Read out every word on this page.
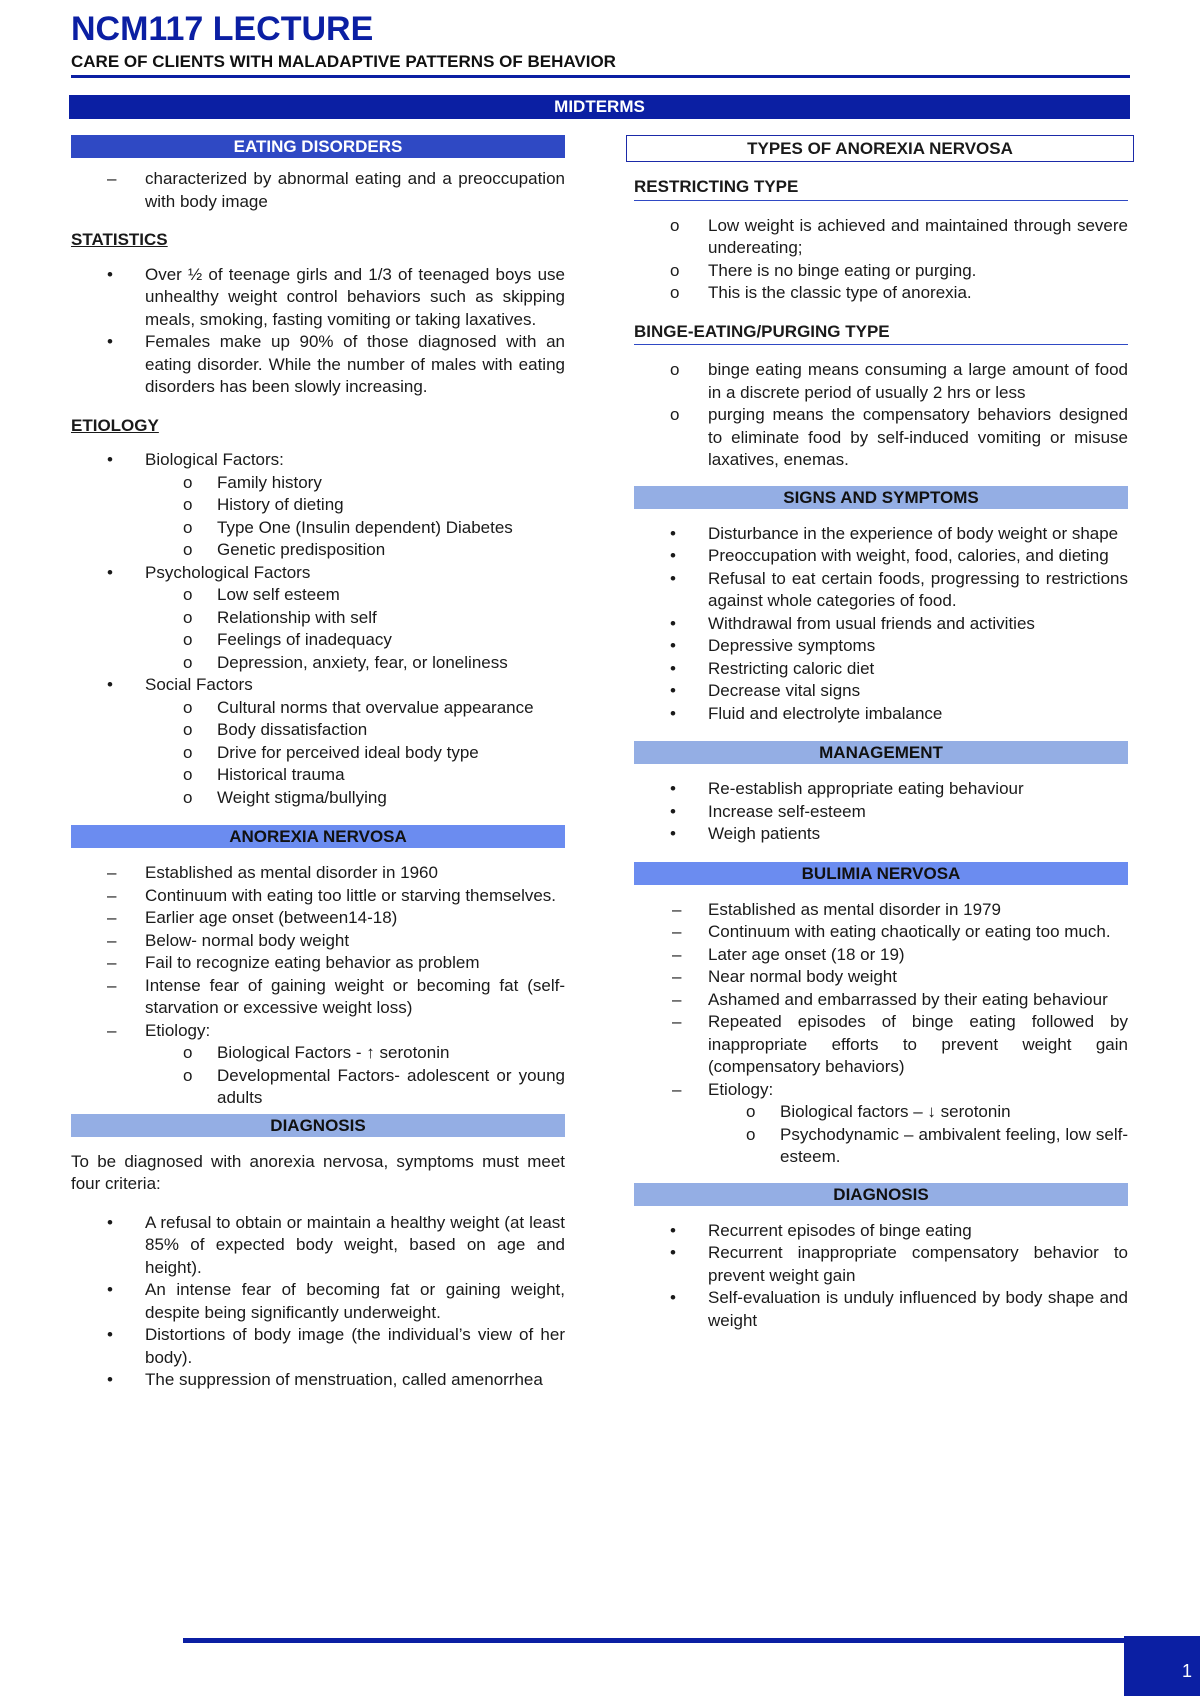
NCM117 LECTURE
CARE OF CLIENTS WITH MALADAPTIVE PATTERNS OF BEHAVIOR
MIDTERMS
EATING DISORDERS
– characterized by abnormal eating and a preoccupation with body image
STATISTICS
• Over ½ of teenage girls and 1/3 of teenaged boys use unhealthy weight control behaviors such as skipping meals, smoking, fasting vomiting or taking laxatives.
• Females make up 90% of those diagnosed with an eating disorder. While the number of males with eating disorders has been slowly increasing.
ETIOLOGY
• Biological Factors:
o Family history
o History of dieting
o Type One (Insulin dependent) Diabetes
o Genetic predisposition
• Psychological Factors
o Low self esteem
o Relationship with self
o Feelings of inadequacy
o Depression, anxiety, fear, or loneliness
• Social Factors
o Cultural norms that overvalue appearance
o Body dissatisfaction
o Drive for perceived ideal body type
o Historical trauma
o Weight stigma/bullying
ANOREXIA NERVOSA
– Established as mental disorder in 1960
– Continuum with eating too little or starving themselves.
– Earlier age onset (between14-18)
– Below- normal body weight
– Fail to recognize eating behavior as problem
– Intense fear of gaining weight or becoming fat (self-starvation or excessive weight loss)
– Etiology:
o Biological Factors - ↑ serotonin
o Developmental Factors- adolescent or young adults
DIAGNOSIS

To be diagnosed with anorexia nervosa, symptoms must meet four criteria:

• A refusal to obtain or maintain a healthy weight (at least 85% of expected body weight, based on age and height).
• An intense fear of becoming fat or gaining weight, despite being significantly underweight.
• Distortions of body image (the individual’s view of her body).
• The suppression of menstruation, called amenorrhea
TYPES OF ANOREXIA NERVOSA
RESTRICTING TYPE
o Low weight is achieved and maintained through severe undereating;
o There is no binge eating or purging.
o This is the classic type of anorexia.
BINGE-EATING/PURGING TYPE
o binge eating means consuming a large amount of food in a discrete period of usually 2 hrs or less
o purging means the compensatory behaviors designed to eliminate food by self-induced vomiting or misuse laxatives, enemas.
SIGNS AND SYMPTOMS
• Disturbance in the experience of body weight or shape
• Preoccupation with weight, food, calories, and dieting
• Refusal to eat certain foods, progressing to restrictions against whole categories of food.
• Withdrawal from usual friends and activities
• Depressive symptoms
• Restricting caloric diet
• Decrease vital signs
• Fluid and electrolyte imbalance
MANAGEMENT
• Re-establish appropriate eating behaviour
• Increase self-esteem
• Weigh patients
BULIMIA NERVOSA
– Established as mental disorder in 1979
– Continuum with eating chaotically or eating too much.
– Later age onset (18 or 19)
– Near normal body weight
– Ashamed and embarrassed by their eating behaviour
– Repeated episodes of binge eating followed by inappropriate efforts to prevent weight gain (compensatory behaviors)
– Etiology:
o Biological factors – ↓ serotonin
o Psychodynamic – ambivalent feeling, low self-esteem.
DIAGNOSIS
• Recurrent episodes of binge eating
• Recurrent inappropriate compensatory behavior to prevent weight gain
• Self-evaluation is unduly influenced by body shape and weight
1
